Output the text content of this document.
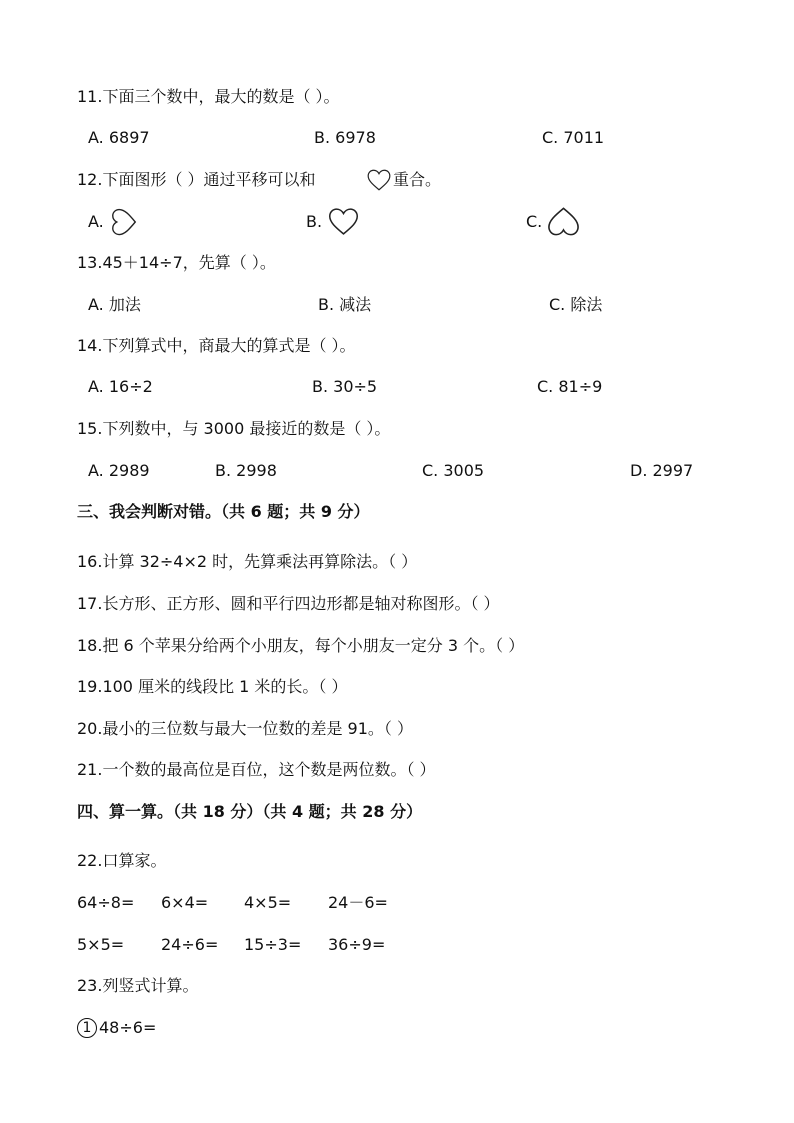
11.下面三个数中，最大的数是（ ）。
A. 6897	B. 6978	C. 7011
12.下面图形（ ）通过平移可以和	重合。
A.	B.	C.
13.45＋14÷7，先算（ ）。
A. 加法	B. 减法	C. 除法
14.下列算式中，商最大的算式是（ ）。
A. 16÷2	B. 30÷5	C. 81÷9
15.下列数中，与 3000 最接近的数是（ ）。
A. 2989	B. 2998	C. 3005	D. 2997
三、我会判断对错。（共 6 题；共 9 分）
16.计算 32÷4×2 时，先算乘法再算除法。（ ）
17.长方形、正方形、圆和平行四边形都是轴对称图形。（ ）
18.把 6 个苹果分给两个小朋友，每个小朋友一定分 3 个。（ ）
19.100 厘米的线段比 1 米的长。（ ）
20.最小的三位数与最大一位数的差是 91。（ ）
21.一个数的最高位是百位，这个数是两位数。（ ）
四、算一算。（共 18 分）（共 4 题；共 28 分）
22.口算家。
64÷8= 6×4= 4×5= 24－6=
5×5= 24÷6= 15÷3= 36÷9=
23.列竖式计算。
1 48÷6=
